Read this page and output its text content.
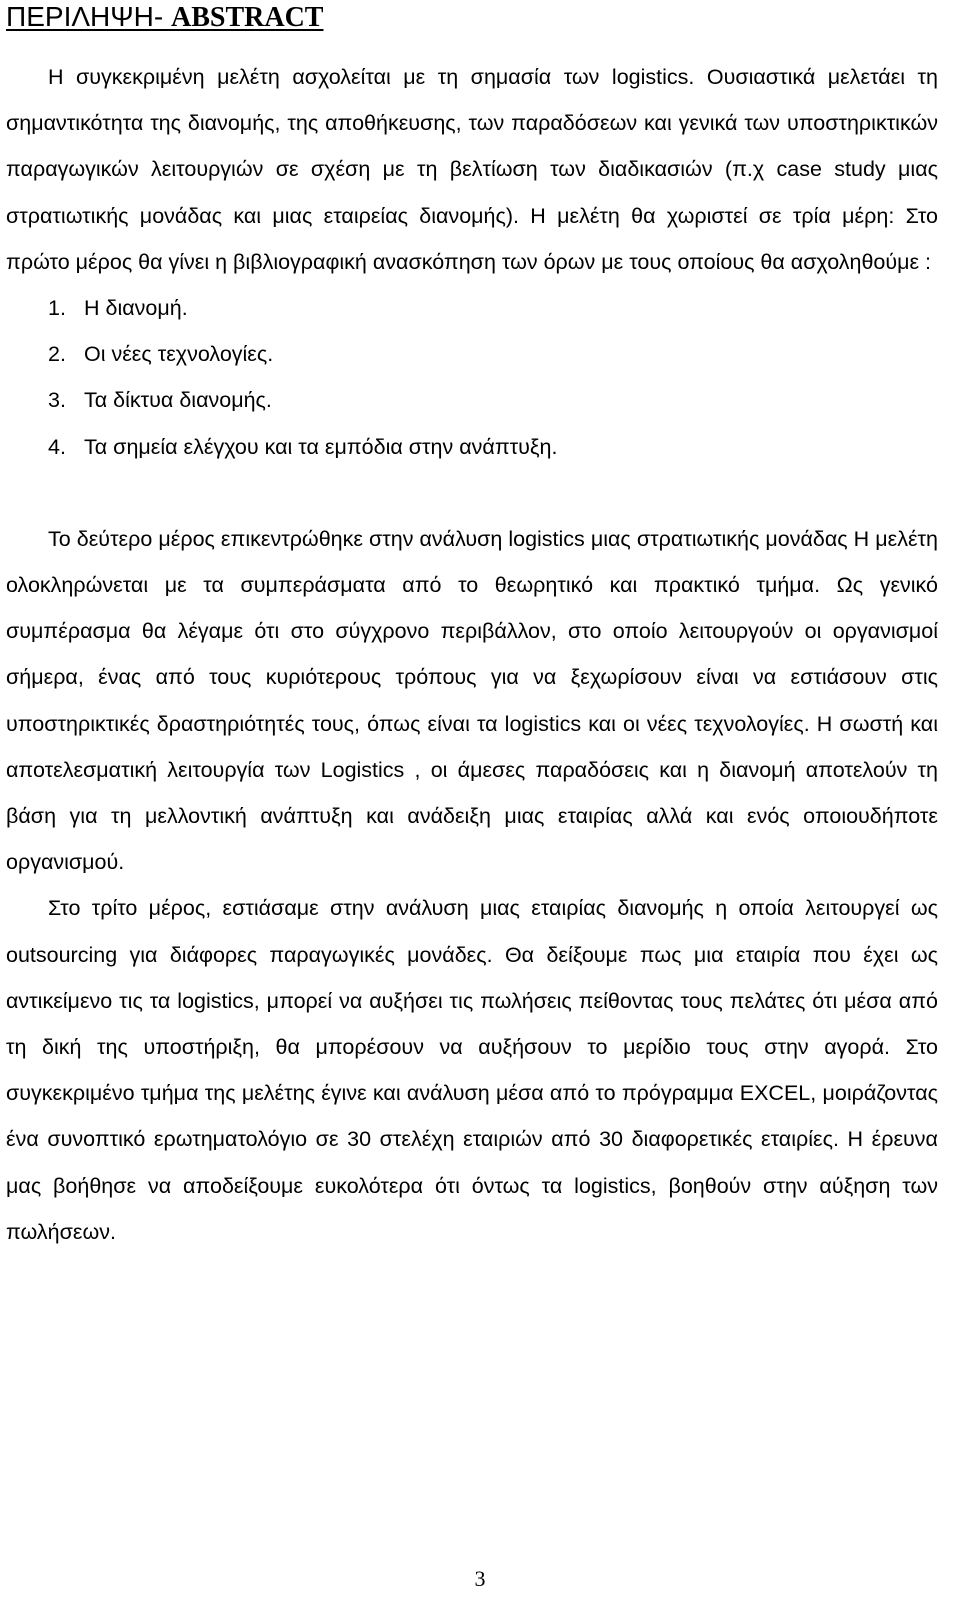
ΠΕΡΙΛΗΨΗ- ABSTRACT

Η συγκεκριμένη μελέτη ασχολείται με τη σημασία των logistics. Ουσιαστικά μελετάει τη σημαντικότητα της διανομής, της αποθήκευσης, των παραδόσεων και γενικά των υποστηρικτικών παραγωγικών λειτουργιών σε σχέση με τη βελτίωση των διαδικασιών (π.χ case study μιας στρατιωτικής μονάδας και μιας εταιρείας διανομής). Η μελέτη θα χωριστεί σε τρία μέρη: Στο πρώτο μέρος θα γίνει η βιβλιογραφική ανασκόπηση των όρων με τους οποίους θα ασχοληθούμε :

1. Η διανομή.
2. Οι νέες τεχνολογίες.
3. Τα δίκτυα διανομής.
4. Τα σημεία ελέγχου και τα εμπόδια στην ανάπτυξη.

Το δεύτερο μέρος επικεντρώθηκε στην ανάλυση logistics μιας στρατιωτικής μονάδας Η μελέτη ολοκληρώνεται με τα συμπεράσματα από το θεωρητικό και πρακτικό τμήμα. Ως γενικό συμπέρασμα θα λέγαμε ότι στο σύγχρονο περιβάλλον, στο οποίο λειτουργούν οι οργανισμοί σήμερα, ένας από τους κυριότερους τρόπους για να ξεχωρίσουν είναι να εστιάσουν στις υποστηρικτικές δραστηριότητές τους, όπως είναι τα logistics και οι νέες τεχνολογίες. Η σωστή και αποτελεσματική λειτουργία των Logistics , οι άμεσες παραδόσεις και η διανομή αποτελούν τη βάση για τη μελλοντική ανάπτυξη και ανάδειξη μιας εταιρίας αλλά και ενός οποιουδήποτε οργανισμού.

Στο τρίτο μέρος, εστιάσαμε στην ανάλυση μιας εταιρίας διανομής η οποία λειτουργεί ως outsourcing για διάφορες παραγωγικές μονάδες. Θα δείξουμε πως μια εταιρία που έχει ως αντικείμενο τις τα logistics, μπορεί να αυξήσει τις πωλήσεις πείθοντας τους πελάτες ότι μέσα από τη δική της υποστήριξη, θα μπορέσουν να αυξήσουν το μερίδιο τους στην αγορά. Στο συγκεκριμένο τμήμα της μελέτης έγινε και ανάλυση μέσα από το πρόγραμμα EXCEL, μοιράζοντας ένα συνοπτικό ερωτηματολόγιο σε 30 στελέχη εταιριών από 30 διαφορετικές εταιρίες. Η έρευνα μας βοήθησε να αποδείξουμε ευκολότερα ότι όντως τα logistics, βοηθούν στην αύξηση των πωλήσεων.

3
